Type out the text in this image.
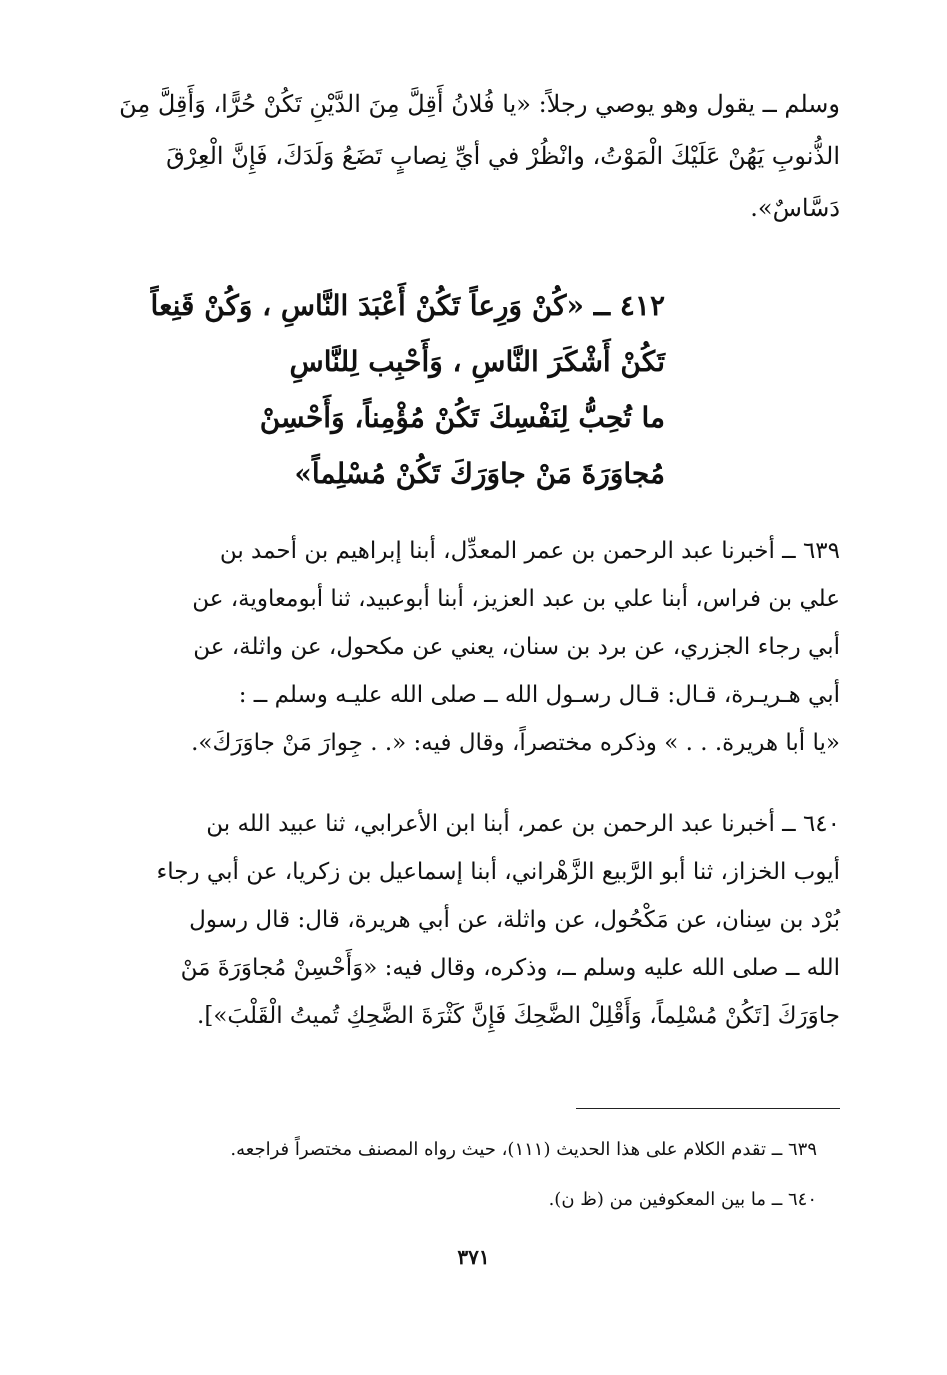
وسلم ــ يقول وهو يوصي رجلاً: «يا فُلانُ أَقِلَّ مِنَ الدَّيْنِ تَكُنْ حُرًّا، وَأَقِلَّ مِنَ
الذُّنوبِ يَهُنْ عَلَيْكَ الْمَوْتُ، وانْظُرْ في أيِّ نِصابٍ تَضَعُ وَلَدَكَ، فَإِنَّ الْعِرْقَ
دَسَّاسٌ».
٤١٢ ــ «كُنْ وَرِعاً تَكُنْ أَعْبَدَ النَّاسِ ، وَكُنْ قَنِعاً
تَكُنْ أَشْكَرَ النَّاسِ ، وَأَحْبِب لِلنَّاسِ
ما تُحِبُّ لِنَفْسِكَ تَكُنْ مُؤْمِناً، وَأَحْسِنْ
مُجاوَرَةَ مَنْ جاوَرَكَ تَكُنْ مُسْلِماً»
٦٣٩ ــ أخبرنا عبد الرحمن بن عمر المعدِّل، أبنا إبراهيم بن أحمد بن
علي بن فراس، أبنا علي بن عبد العزيز، أبنا أبوعبيد، ثنا أبومعاوية، عن
أبي رجاء الجزري، عن برد بن سنان، يعني عن مكحول، عن واثلة، عن
أبي هـريـرة، قـال: قـال رسـول الله ــ صلى الله عليـه وسلم ــ :
«يا أبا هريرة. . . » وذكره مختصراً، وقال فيه: «. . جِوارَ مَنْ جاوَرَكَ».
٦٤٠ ــ أخبرنا عبد الرحمن بن عمر، أبنا ابن الأعرابي، ثنا عبيد الله بن
أيوب الخزاز، ثنا أبو الرَّبيع الزَّهْراني، أبنا إسماعيل بن زكريا، عن أبي رجاء
بُرْد بن سِنان، عن مَكْحُول، عن واثلة، عن أبي هريرة، قال: قال رسول
الله ــ صلى الله عليه وسلم ــ، وذكره، وقال فيه: «وَأَحْسِنْ مُجاوَرَةَ مَنْ
جاوَرَكَ [تَكُنْ مُسْلِماً، وَأَقْلِلْ الضَّحِكَ فَإِنَّ كَثْرَةَ الضَّحِكِ تُميتُ الْقَلْبَ»].
٦٣٩ ــ تقدم الكلام على هذا الحديث (١١١)، حيث رواه المصنف مختصراً فراجعه.
٦٤٠ ــ ما بين المعكوفين من (ظ ن).
٣٧١
